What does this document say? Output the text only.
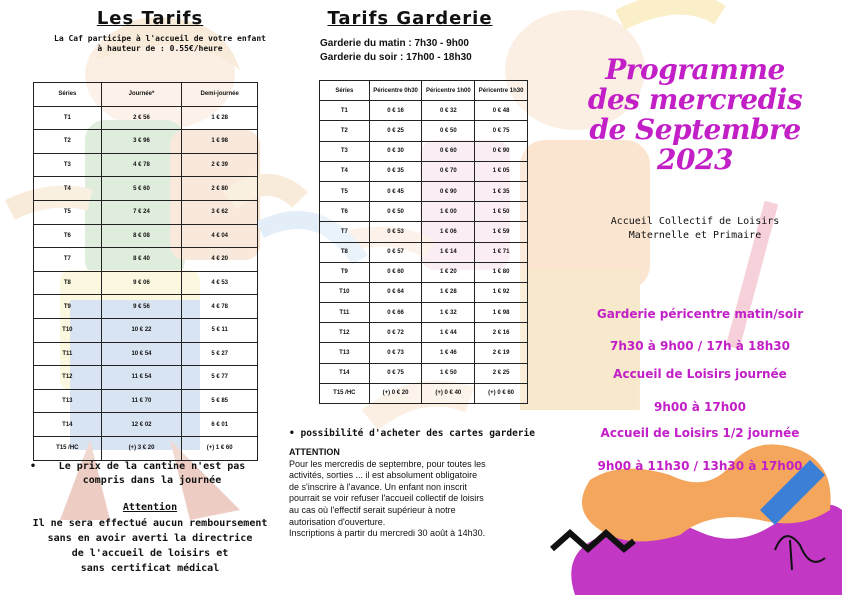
Les Tarifs
La Caf participe à l'accueil de votre enfant
à hauteur de : 0.55€/heure
Séries	Journée*	Demi-journée
T1	2 € 56	1 € 28
T2	3 € 96	1 € 98
T3	4 € 78	2 € 39
T4	5 € 60	2 € 80
T5	7 € 24	3 € 62
T6	8 € 08	4 € 04
T7	8 € 40	4 € 20
T8	9 € 06	4 € 53
T9	9 € 56	4 € 78
T10	10 € 22	5 € 11
T11	10 € 54	5 € 27
T12	11 € 54	5 € 77
T13	11 € 70	5 € 85
T14	12 € 02	6 € 01
T15 /HC	(+) 3 € 20	(+) 1 € 60
•	Le prix de la cantine n'est pas
compris dans la journée
Attention
Il ne sera effectué aucun remboursement
sans en avoir averti la directrice
de l'accueil de loisirs et
sans certificat médical
Tarifs Garderie
Garderie du matin : 7h30 - 9h00
Garderie du soir : 17h00 - 18h30
Séries	Péricentre 0h30	Péricentre 1h00	Péricentre 1h30
T1	0 € 16	0 € 32	0 € 48
T2	0 € 25	0 € 50	0 € 75
T3	0 € 30	0 € 60	0 € 90
T4	0 € 35	0 € 70	1 € 05
T5	0 € 45	0 € 90	1 € 35
T6	0 € 50	1 € 00	1 € 50
T7	0 € 53	1 € 06	1 € 59
T8	0 € 57	1 € 14	1 € 71
T9	0 € 60	1 € 20	1 € 80
T10	0 € 64	1 € 28	1 € 92
T11	0 € 66	1 € 32	1 € 98
T12	0 € 72	1 € 44	2 € 16
T13	0 € 73	1 € 46	2 € 19
T14	0 € 75	1 € 50	2 € 25
T15 /HC	(+) 0 € 20	(+) 0 € 40	(+) 0 € 60
• possibilité d'acheter des cartes garderie
ATTENTION
Pour les mercredis de septembre, pour toutes les
activités, sorties ... il est absolument obligatoire
de s'inscrire à l'avance. Un enfant non inscrit
pourrait se voir refuser l'accueil collectif de loisirs
au cas où l'effectif serait supérieur à notre
autorisation d'ouverture.
Inscriptions à partir du mercredi 30 août à 14h30.
Programme
des mercredis
de Septembre
2023
Accueil Collectif de Loisirs
Maternelle et Primaire
Garderie péricentre matin/soir
7h30 à 9h00 / 17h à 18h30
Accueil de Loisirs journée
9h00 à 17h00
Accueil de Loisirs 1/2 journée
9h00 à 11h30 / 13h30 à 17h00
